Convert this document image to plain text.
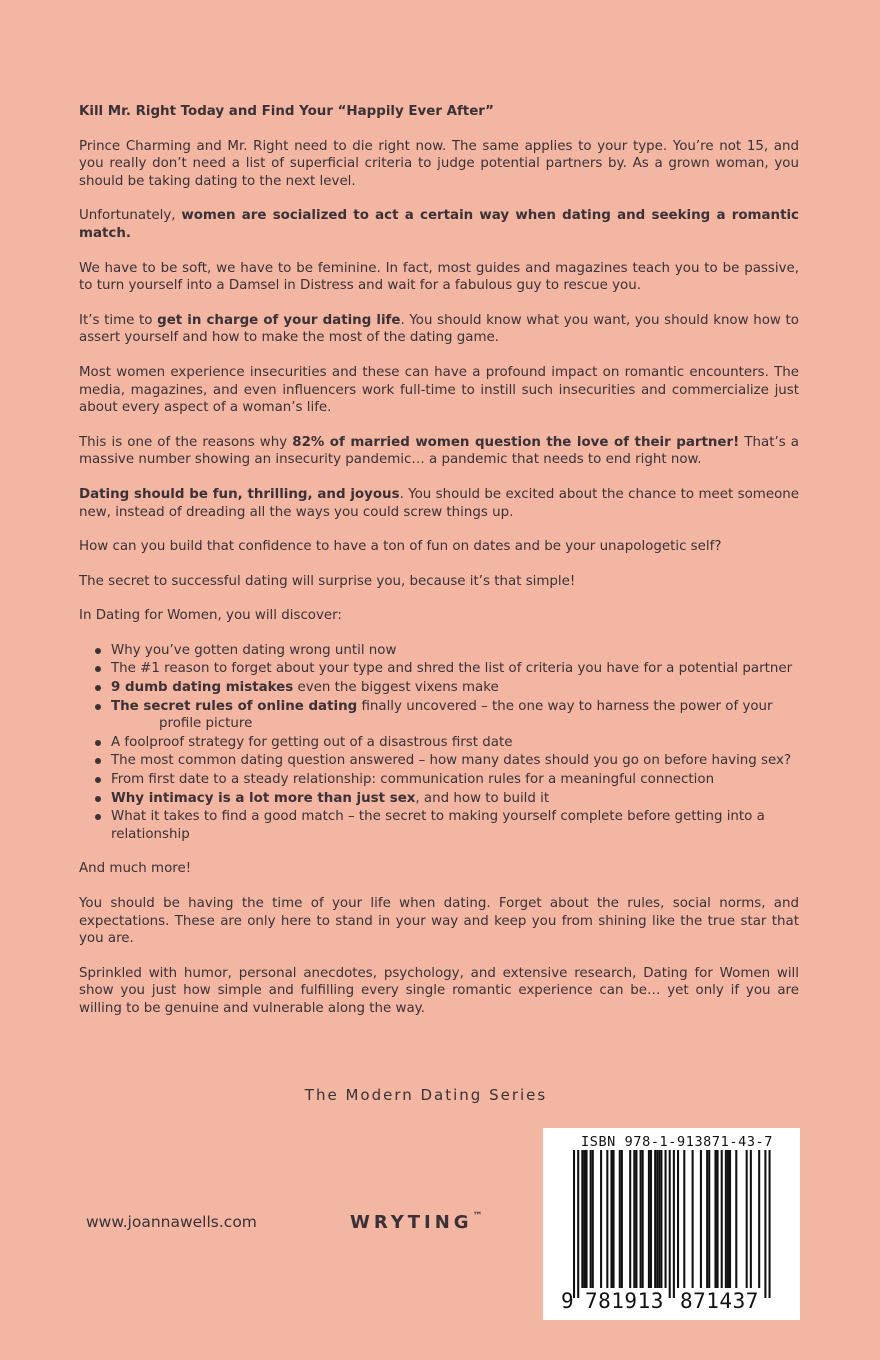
Kill Mr. Right Today and Find Your “Happily Ever After”

Prince Charming and Mr. Right need to die right now. The same applies to your type. You’re not 15, and you really don’t need a list of superficial criteria to judge potential partners by. As a grown woman, you should be taking dating to the next level.

Unfortunately, women are socialized to act a certain way when dating and seeking a romantic match.

We have to be soft, we have to be feminine. In fact, most guides and magazines teach you to be passive, to turn yourself into a Damsel in Distress and wait for a fabulous guy to rescue you.

It’s time to get in charge of your dating life. You should know what you want, you should know how to assert yourself and how to make the most of the dating game.

Most women experience insecurities and these can have a profound impact on romantic encounters. The media, magazines, and even influencers work full-time to instill such insecurities and commercialize just about every aspect of a woman’s life.

This is one of the reasons why 82% of married women question the love of their partner! That’s a massive number showing an insecurity pandemic… a pandemic that needs to end right now.

Dating should be fun, thrilling, and joyous. You should be excited about the chance to meet someone new, instead of dreading all the ways you could screw things up.

How can you build that confidence to have a ton of fun on dates and be your unapologetic self?

The secret to successful dating will surprise you, because it’s that simple!

In Dating for Women, you will discover:

Why you’ve gotten dating wrong until now
The #1 reason to forget about your type and shred the list of criteria you have for a potential partner
9 dumb dating mistakes even the biggest vixens make
The secret rules of online dating finally uncovered – the one way to harness the power of your
profile picture
A foolproof strategy for getting out of a disastrous first date
The most common dating question answered – how many dates should you go on before having sex?
From first date to a steady relationship: communication rules for a meaningful connection
Why intimacy is a lot more than just sex, and how to build it
What it takes to find a good match – the secret to making yourself complete before getting into a relationship

And much more!

You should be having the time of your life when dating. Forget about the rules, social norms, and expectations. These are only here to stand in your way and keep you from shining like the true star that you are.

Sprinkled with humor, personal anecdotes, psychology, and extensive research, Dating for Women will show you just how simple and fulfilling every single romantic experience can be… yet only if you are willing to be genuine and vulnerable along the way.

The Modern Dating Series
www.joannawells.com	WRYTING™
ISBN 978-1-913871-43-7
9 781913 871437
